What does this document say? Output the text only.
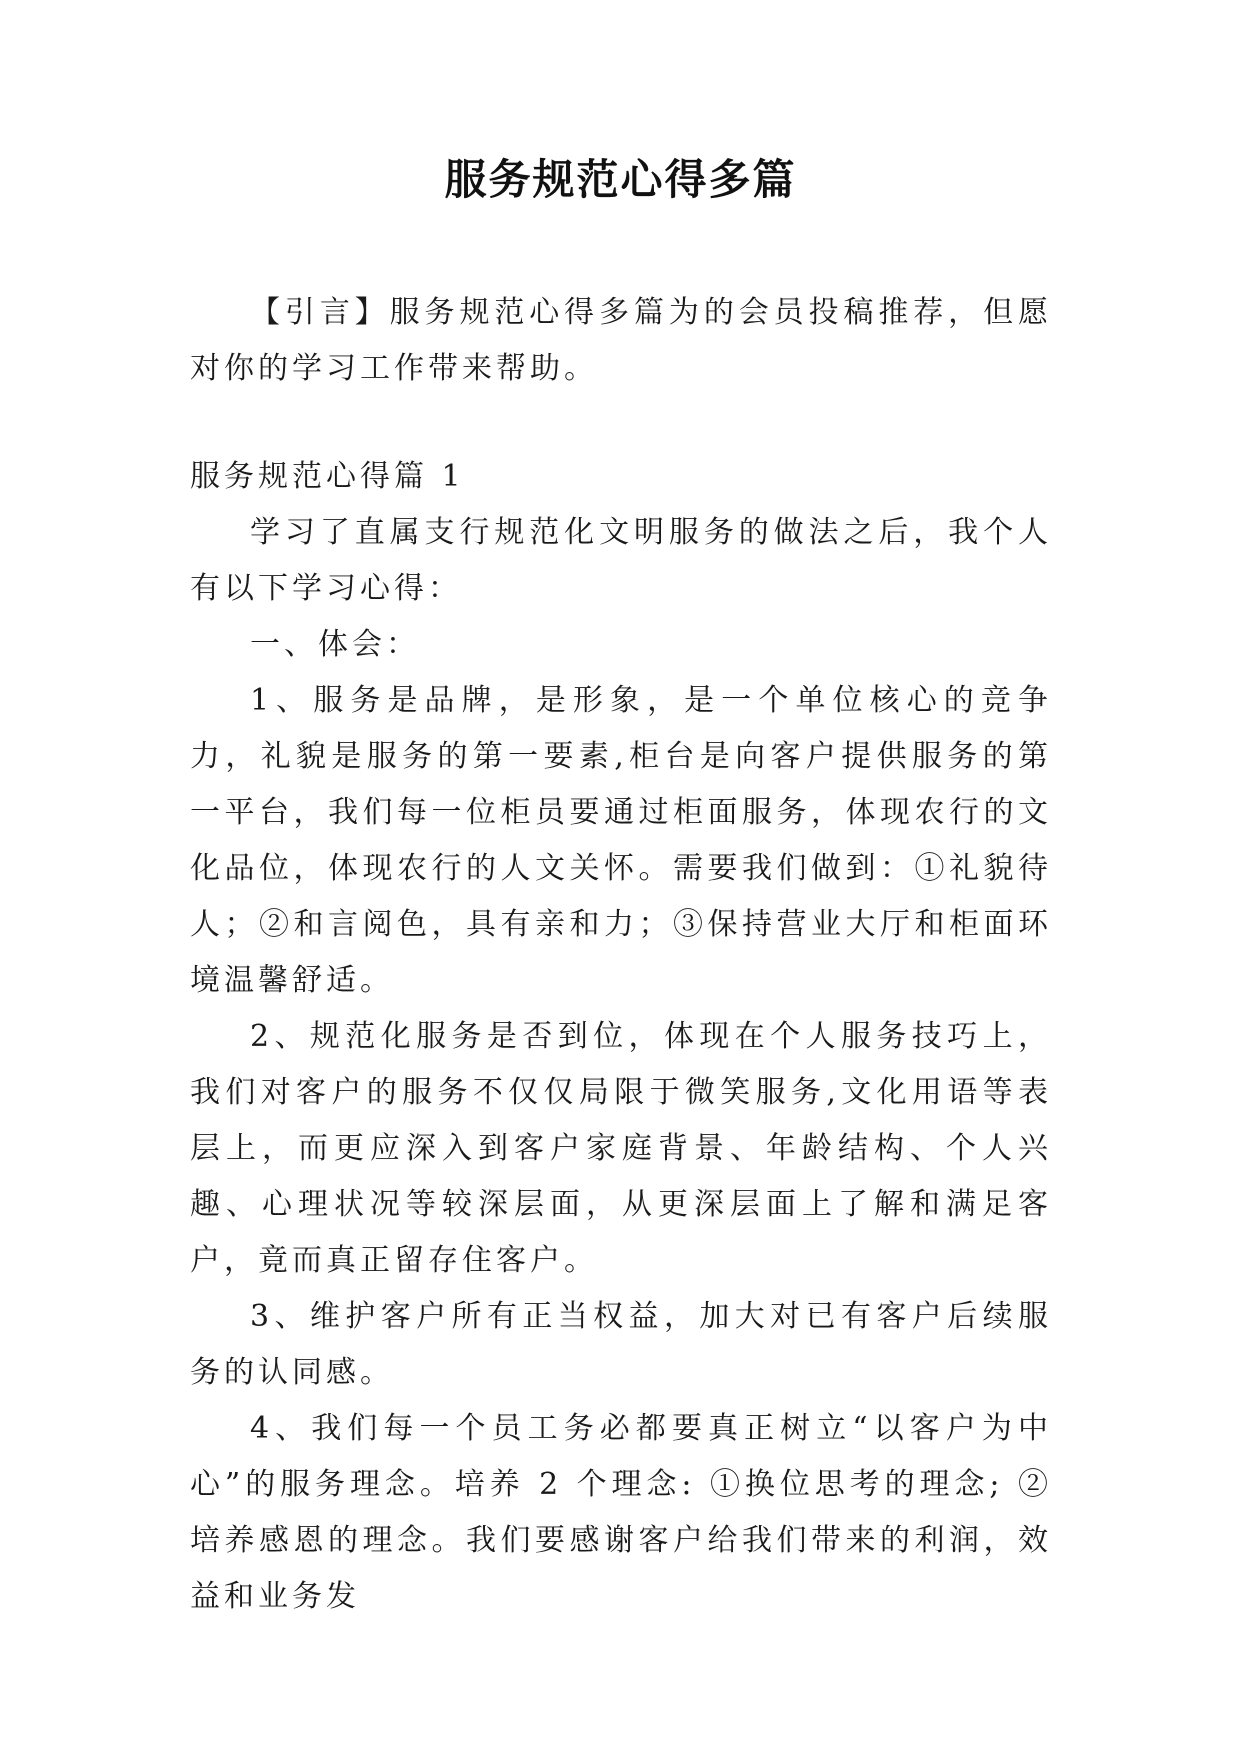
服务规范心得多篇

【引言】服务规范心得多篇为的会员投稿推荐，但愿对你的学习工作带来帮助。

服务规范心得篇 1

学习了直属支行规范化文明服务的做法之后，我个人有以下学习心得：

一、体会：

1、服务是品牌，是形象，是一个单位核心的竞争力，礼貌是服务的第一要素,柜台是向客户提供服务的第一平台，我们每一位柜员要通过柜面服务，体现农行的文化品位，体现农行的人文关怀。需要我们做到：①礼貌待人；②和言阅色，具有亲和力；③保持营业大厅和柜面环境温馨舒适。

2、规范化服务是否到位，体现在个人服务技巧上，我们对客户的服务不仅仅局限于微笑服务,文化用语等表层上，而更应深入到客户家庭背景、年龄结构、个人兴趣、心理状况等较深层面，从更深层面上了解和满足客户，竟而真正留存住客户。

3、维护客户所有正当权益，加大对已有客户后续服务的认同感。

4、我们每一个员工务必都要真正树立“以客户为中心”的服务理念。培养 2 个理念: ①换位思考的理念; ②培养感恩的理念。我们要感谢客户给我们带来的利润，效益和业务发
